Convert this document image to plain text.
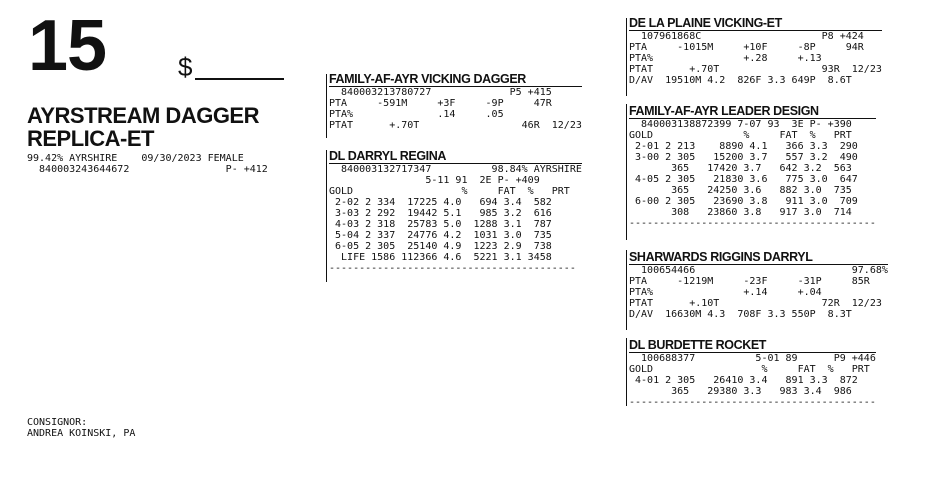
15	$
AYRSTREAM DAGGER REPLICA-ET
99.42% AYRSHIRE    09/30/2023 FEMALE
840003243644672                P- +412
CONSIGNOR:
ANDREA KOINSKI, PA
FAMILY-AF-AYR VICKING DAGGER
840003213780727             P5 +415
PTA     -591M     +3F     -9P     47R
PTA%              .14     .05
PTAT      +.70T                 46R  12/23
DL DARRYL REGINA
840003132717347          98.84% AYRSHIRE
5-11 91  2E P- +409
GOLD                  %     FAT  %   PRT
2-02 2 334  17225 4.0   694 3.4  582
3-03 2 292  19442 5.1   985 3.2  616
4-03 2 318  25783 5.0  1288 3.1  787
5-04 2 337  24776 4.2  1031 3.0  735
6-05 2 305  25140 4.9  1223 2.9  738
LIFE 1586 112366 4.6  5221 3.1 3458
-----------------------------------------
DE LA PLAINE VICKING-ET
107961868C                    P8 +424
PTA     -1015M     +10F     -8P     94R
PTA%               +.28     +.13
PTAT      +.70T                 93R  12/23
D/AV  19510M 4.2  826F 3.3 649P  8.6T
FAMILY-AF-AYR LEADER DESIGN
840003138872399 7-07 93  3E P- +390
GOLD               %     FAT  %   PRT
2-01 2 213    8890 4.1   366 3.3  290
3-00 2 305   15200 3.7   557 3.2  490
365   17420 3.7   642 3.2  563
4-05 2 305   21830 3.6   775 3.0  647
365   24250 3.6   882 3.0  735
6-00 2 305   23690 3.8   911 3.0  709
308   23860 3.8   917 3.0  714
-----------------------------------------
SHARWARDS RIGGINS DARRYL
100654466                          97.68%
PTA     -1219M     -23F     -31P     85R
PTA%               +.14     +.04
PTAT      +.10T                 72R  12/23
D/AV  16630M 4.3  708F 3.3 550P  8.3T
DL BURDETTE ROCKET
100688377          5-01 89      P9 +446
GOLD                  %     FAT  %   PRT
4-01 2 305   26410 3.4   891 3.3  872
365   29380 3.3   983 3.4  986
-----------------------------------------
